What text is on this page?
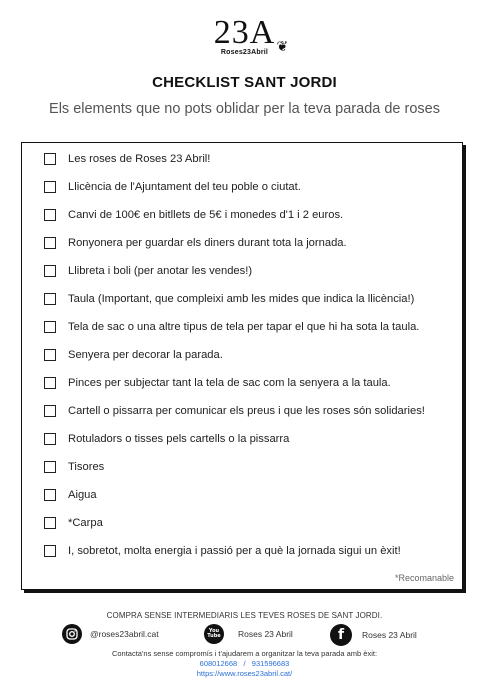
23A ❦
Roses23Abril
CHECKLIST SANT JORDI
Els elements que no pots oblidar per la teva parada de roses
Les roses de Roses 23 Abril!
Llicència de l'Ajuntament del teu poble o ciutat.
Canvi de 100€ en bitllets de 5€ i monedes d'1 i 2 euros.
Ronyonera per guardar els diners durant tota la jornada.
Llibreta i boli (per anotar les vendes!)
Taula (Important, que compleixi amb les mides que indica la llicència!)
Tela de sac o una altre tipus de tela per tapar el que hi ha sota la taula.
Senyera per decorar la parada.
Pinces per subjectar tant la tela de sac com la senyera a la taula.
Cartell o pissarra per comunicar els preus i que les roses són solidaries!
Rotuladors o tisses pels cartells o la pissarra
Tisores
Aigua
*Carpa
I, sobretot, molta energia i passió per a què la jornada sigui un èxit!
*Recomanable
COMPRA SENSE INTERMEDIARIS LES TEVES ROSES DE SANT JORDI.
@roses23abril.cat	You Tube	Roses 23 Abril	f	Roses 23 Abril
Contacta'ns sense compromís i t'ajudarem a organitzar la teva parada amb èxit:
608012668   /   931596683
https://www.roses23abril.cat/
